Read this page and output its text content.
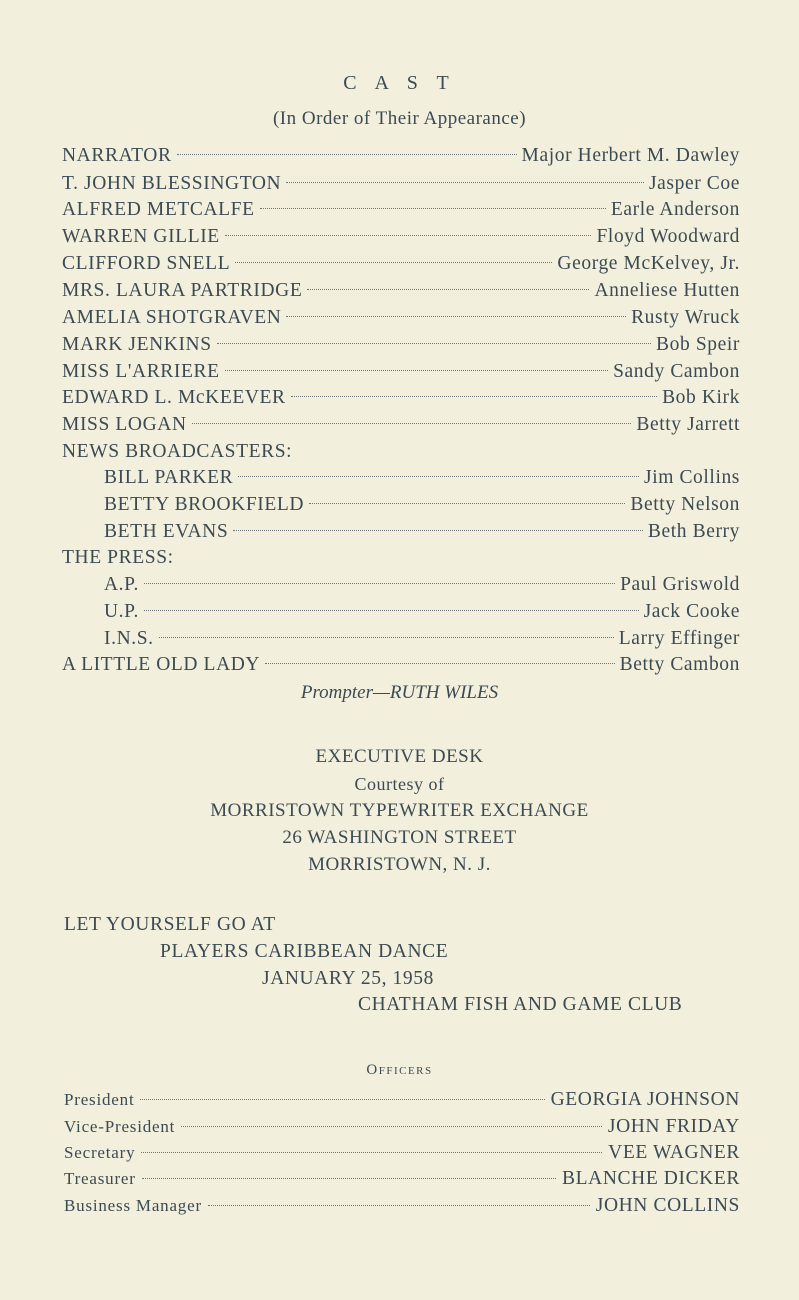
C A S T
(In Order of Their Appearance)
NARRATOR	Major Herbert M. Dawley
T. JOHN BLESSINGTON	Jasper Coe
ALFRED METCALFE	Earle Anderson
WARREN GILLIE	Floyd Woodward
CLIFFORD SNELL	George McKelvey, Jr.
MRS. LAURA PARTRIDGE	Anneliese Hutten
AMELIA SHOTGRAVEN	Rusty Wruck
MARK JENKINS	Bob Speir
MISS L'ARRIERE	Sandy Cambon
EDWARD L. McKEEVER	Bob Kirk
MISS LOGAN	Betty Jarrett
NEWS BROADCASTERS:
BILL PARKER	Jim Collins
BETTY BROOKFIELD	Betty Nelson
BETH EVANS	Beth Berry
THE PRESS:
A.P.	Paul Griswold
U.P.	Jack Cooke
I.N.S.	Larry Effinger
A LITTLE OLD LADY	Betty Cambon
Prompter—RUTH WILES
EXECUTIVE DESK
Courtesy of
MORRISTOWN TYPEWRITER EXCHANGE
26 WASHINGTON STREET
MORRISTOWN, N. J.
LET YOURSELF GO AT
PLAYERS CARIBBEAN DANCE
JANUARY 25, 1958
CHATHAM FISH AND GAME CLUB
Officers
President	GEORGIA JOHNSON
Vice-President	JOHN FRIDAY
Secretary	VEE WAGNER
Treasurer	BLANCHE DICKER
Business Manager	JOHN COLLINS
